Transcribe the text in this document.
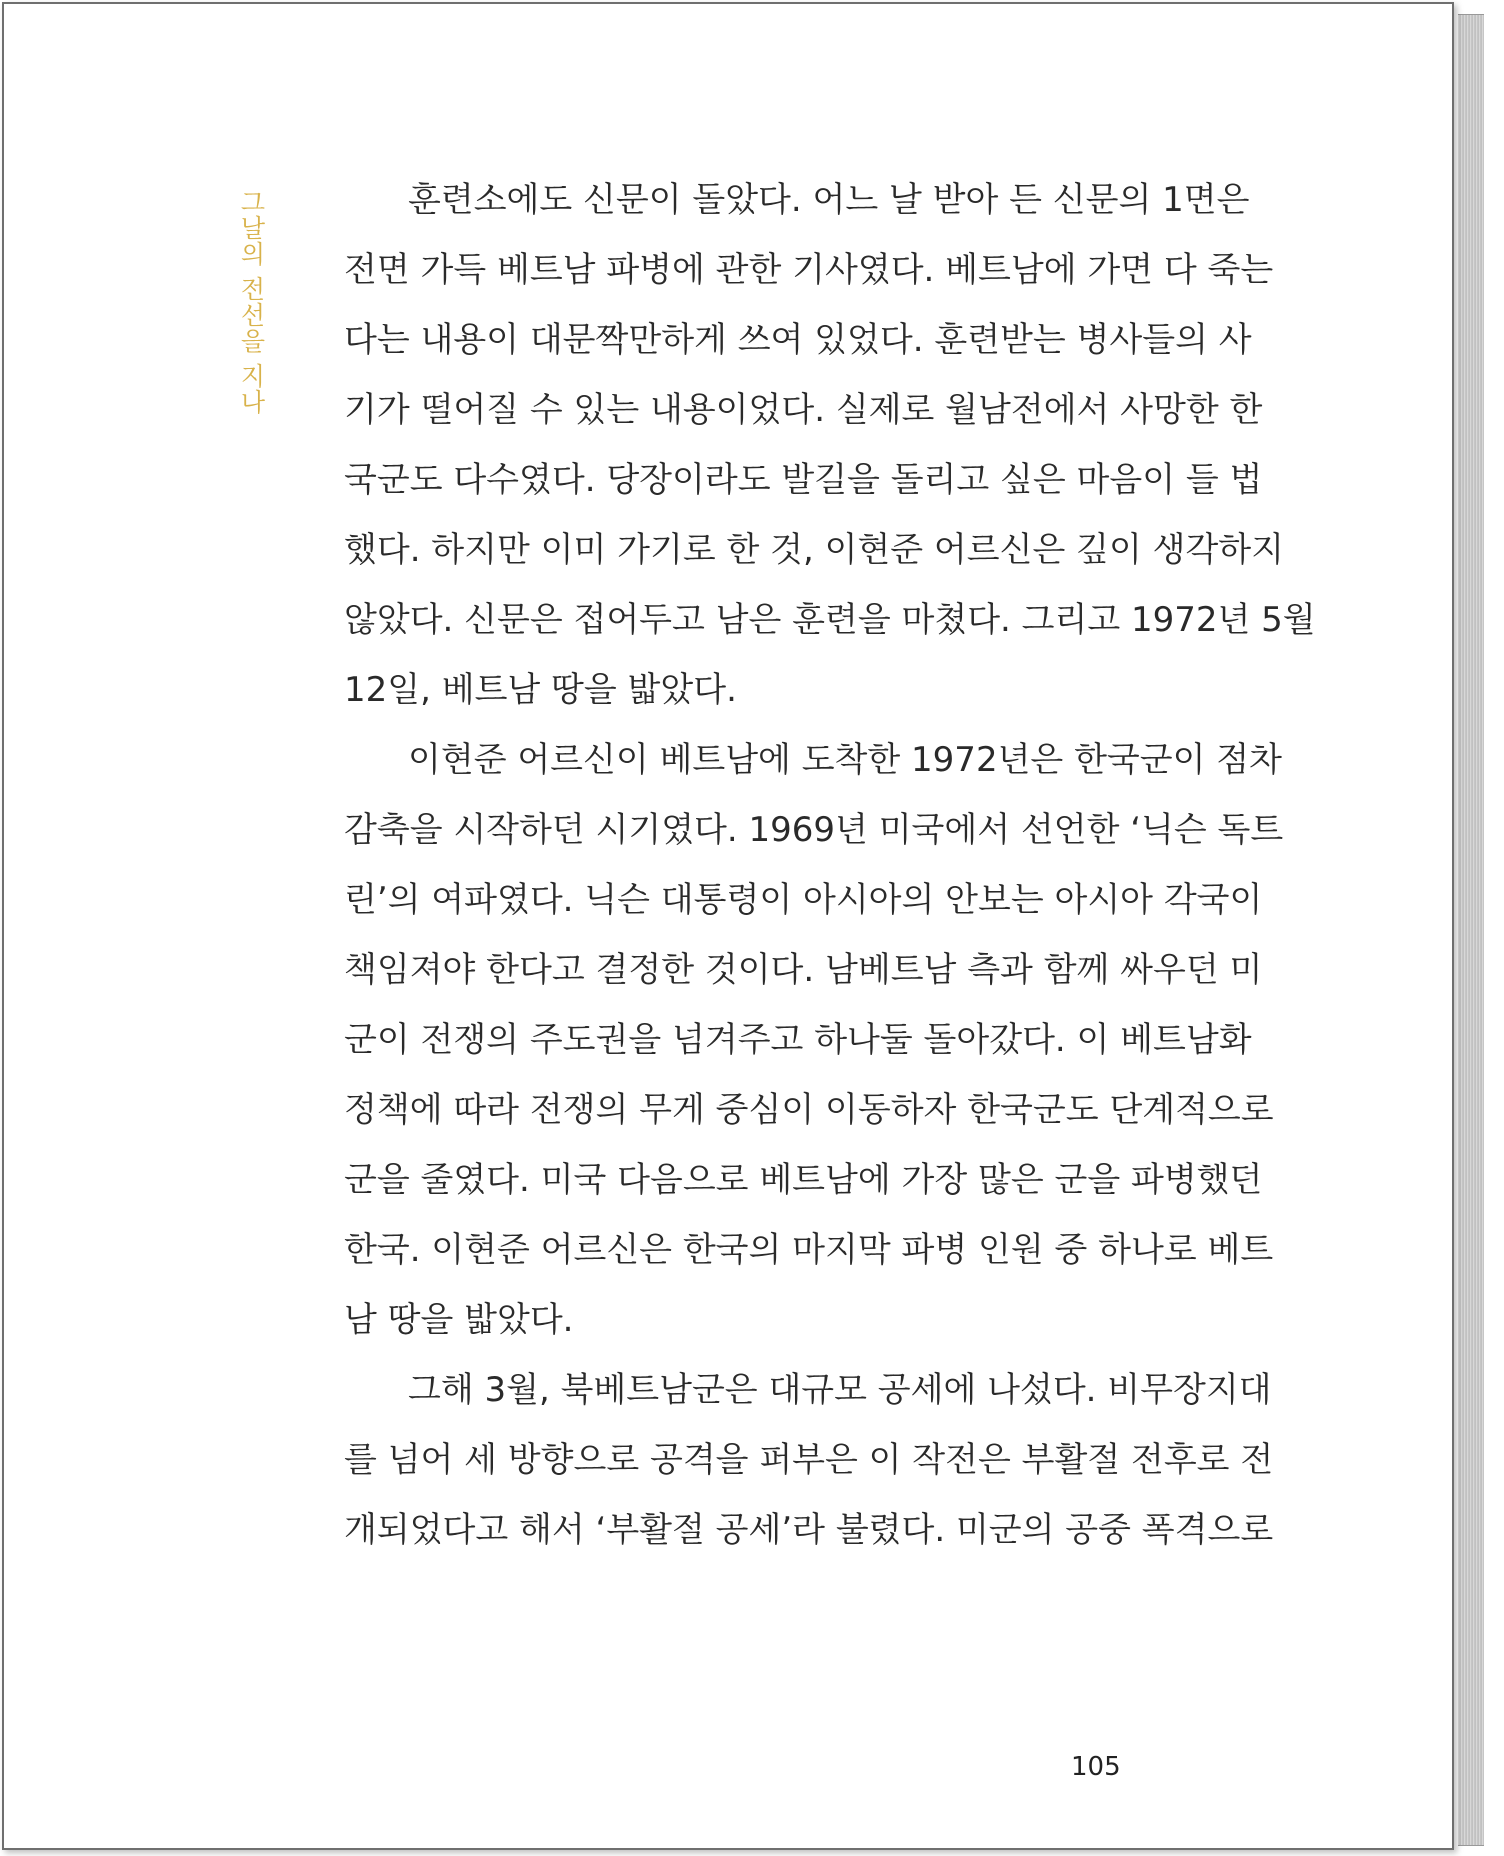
그날의 전선을 지나	훈련소에도 신문이 돌았다. 어느 날 받아 든 신문의 1면은
전면 가득 베트남 파병에 관한 기사였다. 베트남에 가면 다 죽는
다는 내용이 대문짝만하게 쓰여 있었다. 훈련받는 병사들의 사
기가 떨어질 수 있는 내용이었다. 실제로 월남전에서 사망한 한
국군도 다수였다. 당장이라도 발길을 돌리고 싶은 마음이 들 법
했다. 하지만 이미 가기로 한 것, 이현준 어르신은 깊이 생각하지
않았다. 신문은 접어두고 남은 훈련을 마쳤다. 그리고 1972년 5월
12일, 베트남 땅을 밟았다.
이현준 어르신이 베트남에 도착한 1972년은 한국군이 점차
감축을 시작하던 시기였다. 1969년 미국에서 선언한 ‘닉슨 독트
린’의 여파였다. 닉슨 대통령이 아시아의 안보는 아시아 각국이
책임져야 한다고 결정한 것이다. 남베트남 측과 함께 싸우던 미
군이 전쟁의 주도권을 넘겨주고 하나둘 돌아갔다. 이 베트남화
정책에 따라 전쟁의 무게 중심이 이동하자 한국군도 단계적으로
군을 줄였다. 미국 다음으로 베트남에 가장 많은 군을 파병했던
한국. 이현준 어르신은 한국의 마지막 파병 인원 중 하나로 베트
남 땅을 밟았다.
그해 3월, 북베트남군은 대규모 공세에 나섰다. 비무장지대
를 넘어 세 방향으로 공격을 퍼부은 이 작전은 부활절 전후로 전
개되었다고 해서 ‘부활절 공세’라 불렸다. 미군의 공중 폭격으로
105
